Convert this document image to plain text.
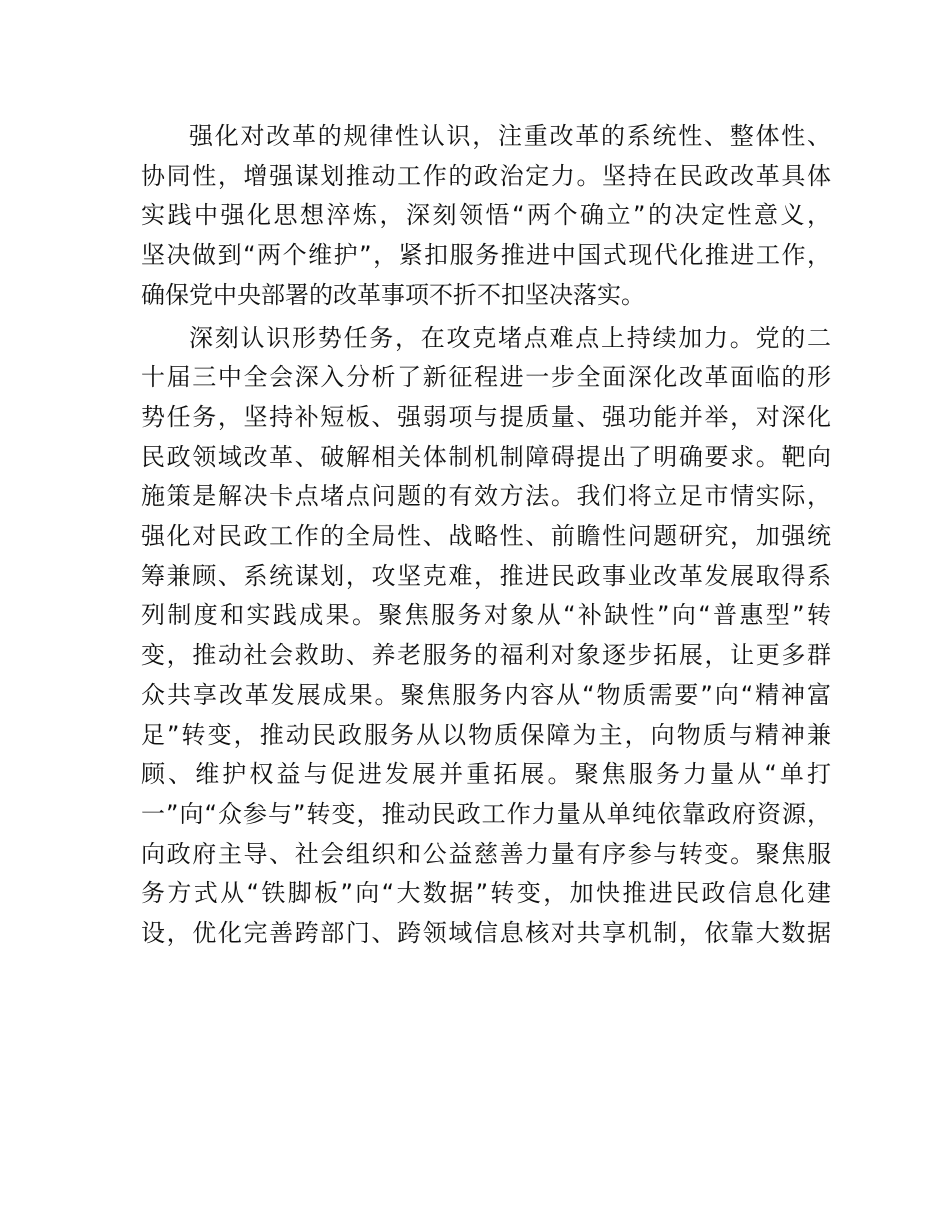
强化对改革的规律性认识，注重改革的系统性、整体性、
协同性，增强谋划推动工作的政治定力。坚持在民政改革具体
实践中强化思想淬炼，深刻领悟“两个确立”的决定性意义，
坚决做到“两个维护”，紧扣服务推进中国式现代化推进工作，
确保党中央部署的改革事项不折不扣坚决落实。
深刻认识形势任务，在攻克堵点难点上持续加力。党的二
十届三中全会深入分析了新征程进一步全面深化改革面临的形
势任务，坚持补短板、强弱项与提质量、强功能并举，对深化
民政领域改革、破解相关体制机制障碍提出了明确要求。靶向
施策是解决卡点堵点问题的有效方法。我们将立足市情实际，
强化对民政工作的全局性、战略性、前瞻性问题研究，加强统
筹兼顾、系统谋划，攻坚克难，推进民政事业改革发展取得系
列制度和实践成果。聚焦服务对象从“补缺性”向“普惠型”转
变，推动社会救助、养老服务的福利对象逐步拓展，让更多群
众共享改革发展成果。聚焦服务内容从“物质需要”向“精神富
足”转变，推动民政服务从以物质保障为主，向物质与精神兼
顾、维护权益与促进发展并重拓展。聚焦服务力量从“单打
一”向“众参与”转变，推动民政工作力量从单纯依靠政府资源，
向政府主导、社会组织和公益慈善力量有序参与转变。聚焦服
务方式从“铁脚板”向“大数据”转变，加快推进民政信息化建
设，优化完善跨部门、跨领域信息核对共享机制，依靠大数据
